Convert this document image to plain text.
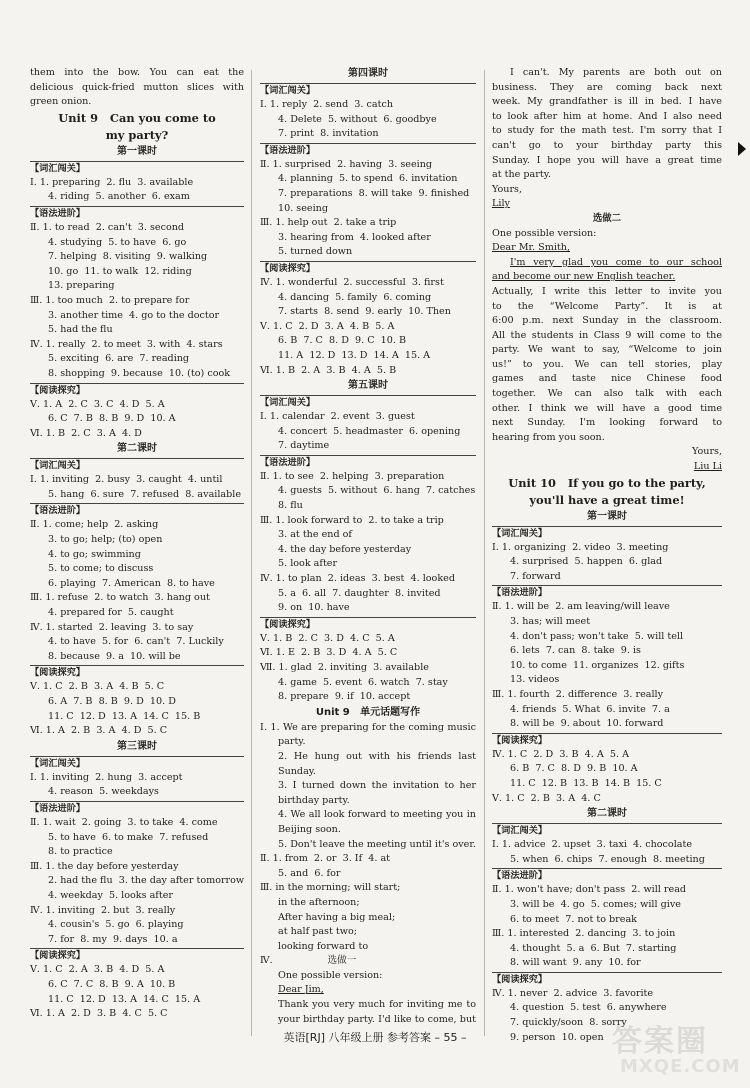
them into the bow. You can eat the
delicious quick-fried mutton slices with
green onion.
Unit 9   Can you come to
my party?
第一课时
【词汇闯关】
Ⅰ. 1. preparing  2. flu  3. available
4. riding  5. another  6. exam
【语法进阶】
Ⅱ. 1. to read  2. can't  3. second
4. studying  5. to have  6. go
7. helping  8. visiting  9. walking
10. go  11. to walk  12. riding
13. preparing
Ⅲ. 1. too much  2. to prepare for
3. another time  4. go to the doctor
5. had the flu
Ⅳ. 1. really  2. to meet  3. with  4. stars
5. exciting  6. are  7. reading
8. shopping  9. because  10. (to) cook
【阅读探究】
Ⅴ. 1. A  2. C  3. C  4. D  5. A
6. C  7. B  8. B  9. D  10. A
Ⅵ. 1. B  2. C  3. A  4. D
第二课时
【词汇闯关】
Ⅰ. 1. inviting  2. busy  3. caught  4. until
5. hang  6. sure  7. refused  8. available
【语法进阶】
Ⅱ. 1. come; help  2. asking
3. to go; help; (to) open
4. to go; swimming
5. to come; to discuss
6. playing  7. American  8. to have
Ⅲ. 1. refuse  2. to watch  3. hang out
4. prepared for  5. caught
Ⅳ. 1. started  2. leaving  3. to say
4. to have  5. for  6. can't  7. Luckily
8. because  9. a  10. will be
【阅读探究】
Ⅴ. 1. C  2. B  3. A  4. B  5. C
6. A  7. B  8. B  9. D  10. D
11. C  12. D  13. A  14. C  15. B
Ⅵ. 1. A  2. B  3. A  4. D  5. C
第三课时
【词汇闯关】
Ⅰ. 1. inviting  2. hung  3. accept
4. reason  5. weekdays
【语法进阶】
Ⅱ. 1. wait  2. going  3. to take  4. come
5. to have  6. to make  7. refused
8. to practice
Ⅲ. 1. the day before yesterday
2. had the flu  3. the day after tomorrow
4. weekday  5. looks after
Ⅳ. 1. inviting  2. but  3. really
4. cousin's  5. go  6. playing
7. for  8. my  9. days  10. a
【阅读探究】
Ⅴ. 1. C  2. A  3. B  4. D  5. A
6. C  7. C  8. B  9. A  10. B
11. C  12. D  13. A  14. C  15. A
Ⅵ. 1. A  2. D  3. B  4. C  5. C
第四课时
【词汇闯关】
Ⅰ. 1. reply  2. send  3. catch
4. Delete  5. without  6. goodbye
7. print  8. invitation
【语法进阶】
Ⅱ. 1. surprised  2. having  3. seeing
4. planning  5. to spend  6. invitation
7. preparations  8. will take  9. finished
10. seeing
Ⅲ. 1. help out  2. take a trip
3. hearing from  4. looked after
5. turned down
【阅读探究】
Ⅳ. 1. wonderful  2. successful  3. first
4. dancing  5. family  6. coming
7. starts  8. send  9. early  10. Then
Ⅴ. 1. C  2. D  3. A  4. B  5. A
6. B  7. C  8. D  9. C  10. B
11. A  12. D  13. D  14. A  15. A
Ⅵ. 1. B  2. A  3. B  4. A  5. B
第五课时
【词汇闯关】
Ⅰ. 1. calendar  2. event  3. guest
4. concert  5. headmaster  6. opening
7. daytime
【语法进阶】
Ⅱ. 1. to see  2. helping  3. preparation
4. guests  5. without  6. hang  7. catches
8. flu
Ⅲ. 1. look forward to  2. to take a trip
3. at the end of
4. the day before yesterday
5. look after
Ⅳ. 1. to plan  2. ideas  3. best  4. looked
5. a  6. all  7. daughter  8. invited
9. on  10. have
【阅读探究】
Ⅴ. 1. B  2. C  3. D  4. C  5. A
Ⅵ. 1. E  2. B  3. D  4. A  5. C
Ⅶ. 1. glad  2. inviting  3. available
4. game  5. event  6. watch  7. stay
8. prepare  9. if  10. accept
Unit 9   单元话题写作
Ⅰ. 1. We are preparing for the coming music
party.
2. He hung out with his friends last
Sunday.
3. I turned down the invitation to her
birthday party.
4. We all look forward to meeting you in
Beijing soon.
5. Don't leave the meeting until it's over.
Ⅱ. 1. from  2. or  3. If  4. at
5. and  6. for
Ⅲ. in the morning; will start;
in the afternoon;
After having a big meal;
at half past two;
looking forward to
Ⅳ.                  选做一
One possible version:
Dear Jim,
Thank you very much for inviting me to
your birthday party. I'd like to come, but
I can't. My parents are both out on
business. They are coming back next
week. My grandfather is ill in bed. I have
to look after him at home. And I also need
to study for the math test. I'm sorry that I
can't go to your birthday party this
Sunday. I hope you will have a great time
at the party.
Yours,
Lily
选做二
One possible version:
Dear Mr. Smith,
I'm very glad you come to our school
and become our new English teacher.
Actually, I write this letter to invite you
to the “Welcome Party”. It is at
6:00 p.m. next Sunday in the classroom.
All the students in Class 9 will come to the
party. We want to say, “Welcome to join
us!” to you. We can tell stories, play
games and taste nice Chinese food
together. We can also talk with each
other. I think we will have a good time
next Sunday. I'm looking forward to
hearing from you soon.
Yours,
Liu Li
Unit 10   If you go to the party,
you'll have a great time!
第一课时
【词汇闯关】
Ⅰ. 1. organizing  2. video  3. meeting
4. surprised  5. happen  6. glad
7. forward
【语法进阶】
Ⅱ. 1. will be  2. am leaving/will leave
3. has; will meet
4. don't pass; won't take  5. will tell
6. lets  7. can  8. take  9. is
10. to come  11. organizes  12. gifts
13. videos
Ⅲ. 1. fourth  2. difference  3. really
4. friends  5. What  6. invite  7. a
8. will be  9. about  10. forward
【阅读探究】
Ⅳ. 1. C  2. D  3. B  4. A  5. A
6. B  7. C  8. D  9. B  10. A
11. C  12. B  13. B  14. B  15. C
Ⅴ. 1. C  2. B  3. A  4. C
第二课时
【词汇闯关】
Ⅰ. 1. advice  2. upset  3. taxi  4. chocolate
5. when  6. chips  7. enough  8. meeting
【语法进阶】
Ⅱ. 1. won't have; don't pass  2. will read
3. will be  4. go  5. comes; will give
6. to meet  7. not to break
Ⅲ. 1. interested  2. dancing  3. to join
4. thought  5. a  6. But  7. starting
8. will want  9. any  10. for
【阅读探究】
Ⅳ. 1. never  2. advice  3. favorite
4. question  5. test  6. anywhere
7. quickly/soon  8. sorry
9. person  10. open
英语[RJ] 八年级上册 参考答案 – 55 –	答案圈
MXQE.COM
